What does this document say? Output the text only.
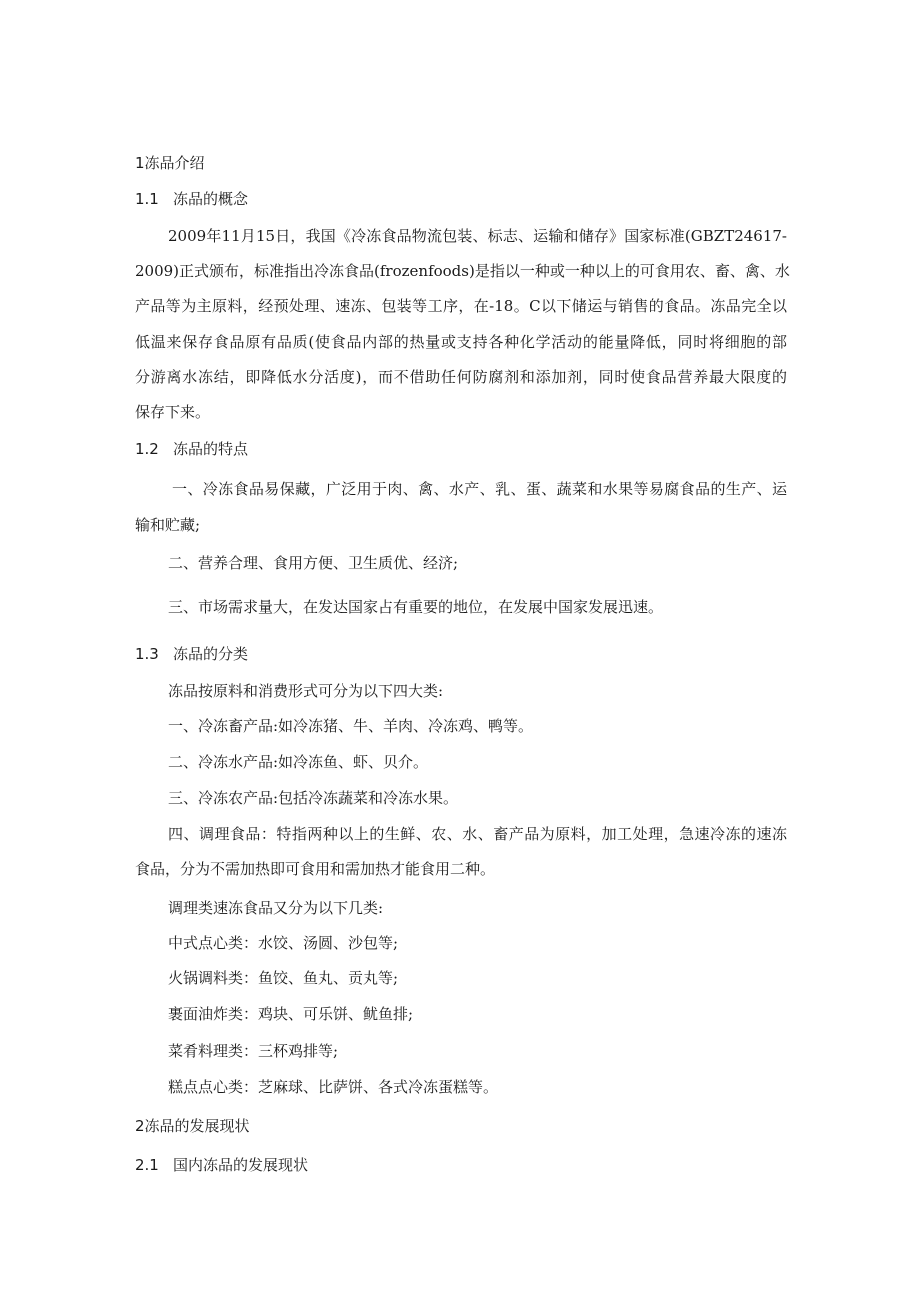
1冻品介绍

1.1 冻品的概念

2009年11月15日，我国《冷冻食品物流包装、标志、运输和储存》国家标准(GBZT24617-

2009)正式颁布，标准指出冷冻食品(frozenfoods)是指以一种或一种以上的可食用农、畜、禽、水

产品等为主原料，经预处理、速冻、包装等工序，在-18。C以下储运与销售的食品。冻品完全以

低温来保存食品原有品质(使食品内部的热量或支持各种化学活动的能量降低，同时将细胞的部

分游离水冻结，即降低水分活度)，而不借助任何防腐剂和添加剂，同时使食品营养最大限度的

保存下来。

1.2 冻品的特点

一、冷冻食品易保藏，广泛用于肉、禽、水产、乳、蛋、蔬菜和水果等易腐食品的生产、运

输和贮藏;

二、营养合理、食用方便、卫生质优、经济;

三、市场需求量大，在发达国家占有重要的地位，在发展中国家发展迅速。

1.3 冻品的分类

冻品按原料和消费形式可分为以下四大类:

一、冷冻畜产品:如冷冻猪、牛、羊肉、冷冻鸡、鸭等。

二、冷冻水产品:如冷冻鱼、虾、贝介。

三、冷冻农产品:包括冷冻蔬菜和冷冻水果。

四、调理食品：特指两种以上的生鲜、农、水、畜产品为原料，加工处理，急速冷冻的速冻

食品，分为不需加热即可食用和需加热才能食用二种。

调理类速冻食品又分为以下几类:

中式点心类：水饺、汤圆、沙包等;

火锅调料类：鱼饺、鱼丸、贡丸等;

裹面油炸类：鸡块、可乐饼、鱿鱼排;

菜肴料理类：三杯鸡排等;

糕点点心类：芝麻球、比萨饼、各式冷冻蛋糕等。

2冻品的发展现状

2.1 国内冻品的发展现状
